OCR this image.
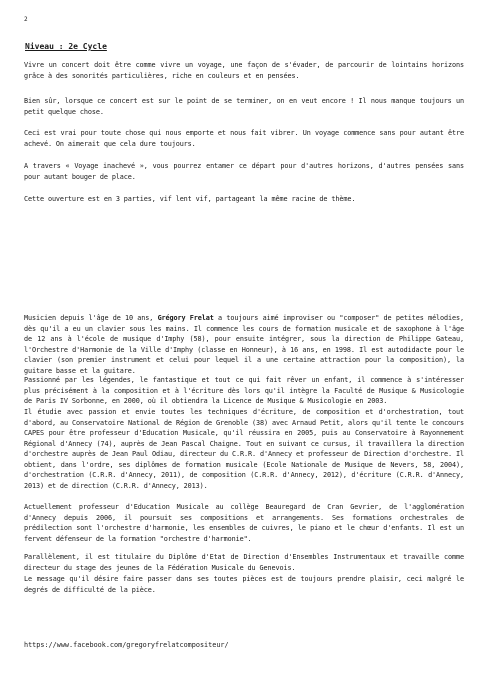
2
Niveau : 2e Cycle
Vivre un concert doit être comme vivre un voyage, une façon de s'évader, de parcourir de lointains horizons grâce à des sonorités particulières, riche en couleurs et en pensées.
Bien sûr, lorsque ce concert est sur le point de se terminer, on en veut encore ! Il nous manque toujours un petit quelque chose.
Ceci est vrai pour toute chose qui nous emporte et nous fait vibrer. Un voyage commence sans pour autant être achevé. On aimerait que cela dure toujours.
A travers « Voyage inachevé », vous pourrez entamer ce départ pour d'autres horizons, d'autres pensées sans pour autant bouger de place.
Cette ouverture est en 3 parties, vif lent vif, partageant la même racine de thème.
Musicien depuis l'âge de 10 ans, Grégory Frelat a toujours aimé improviser ou "composer" de petites mélodies, dès qu'il a eu un clavier sous les mains. Il commence les cours de formation musicale et de saxophone à l'âge de 12 ans à l'école de musique d'Imphy (58), pour ensuite intégrer, sous la direction de Philippe Gateau, l'Orchestre d'Harmonie de la Ville d'Imphy (classe en Honneur), à 16 ans, en 1998. Il est autodidacte pour le clavier (son premier instrument et celui pour lequel il a une certaine attraction pour la composition), la guitare basse et la guitare.
Passionné par les légendes, le fantastique et tout ce qui fait rêver un enfant, il commence à s'intéresser plus précisément à la composition et à l'écriture dès lors qu'il intègre la Faculté de Musique & Musicologie de Paris IV Sorbonne, en 2000, où il obtiendra la Licence de Musique & Musicologie en 2003.
Il étudie avec passion et envie toutes les techniques d'écriture, de composition et d'orchestration, tout d'abord, au Conservatoire National de Région de Grenoble (38) avec Arnaud Petit, alors qu'il tente le concours CAPES pour être professeur d'Education Musicale, qu'il réussira en 2005, puis au Conservatoire à Rayonnement Régional d'Annecy (74), auprès de Jean Pascal Chaigne. Tout en suivant ce cursus, il travaillera la direction d'orchestre auprès de Jean Paul Odiau, directeur du C.R.R. d'Annecy et professeur de Direction d'orchestre. Il obtient, dans l'ordre, ses diplômes de formation musicale (Ecole Nationale de Musique de Nevers, 58, 2004), d'orchestration (C.R.R. d'Annecy, 2011), de composition (C.R.R. d'Annecy, 2012), d'écriture (C.R.R. d'Annecy, 2013) et de direction (C.R.R. d'Annecy, 2013).
Actuellement professeur d'Education Musicale au collège Beauregard de Cran Gevrier, de l'agglomération d'Annecy depuis 2006, il poursuit ses compositions et arrangements. Ses formations orchestrales de prédilection sont l'orchestre d'harmonie, les ensembles de cuivres, le piano et le chœur d'enfants. Il est un fervent défenseur de la formation "orchestre d'harmonie".
Parallèlement, il est titulaire du Diplôme d'Etat de Direction d'Ensembles Instrumentaux et travaille comme directeur du stage des jeunes de la Fédération Musicale du Genevois.
Le message qu'il désire faire passer dans ses toutes pièces est de toujours prendre plaisir, ceci malgré le degrés de difficulté de la pièce.
https://www.facebook.com/gregoryfrelatcompositeur/
